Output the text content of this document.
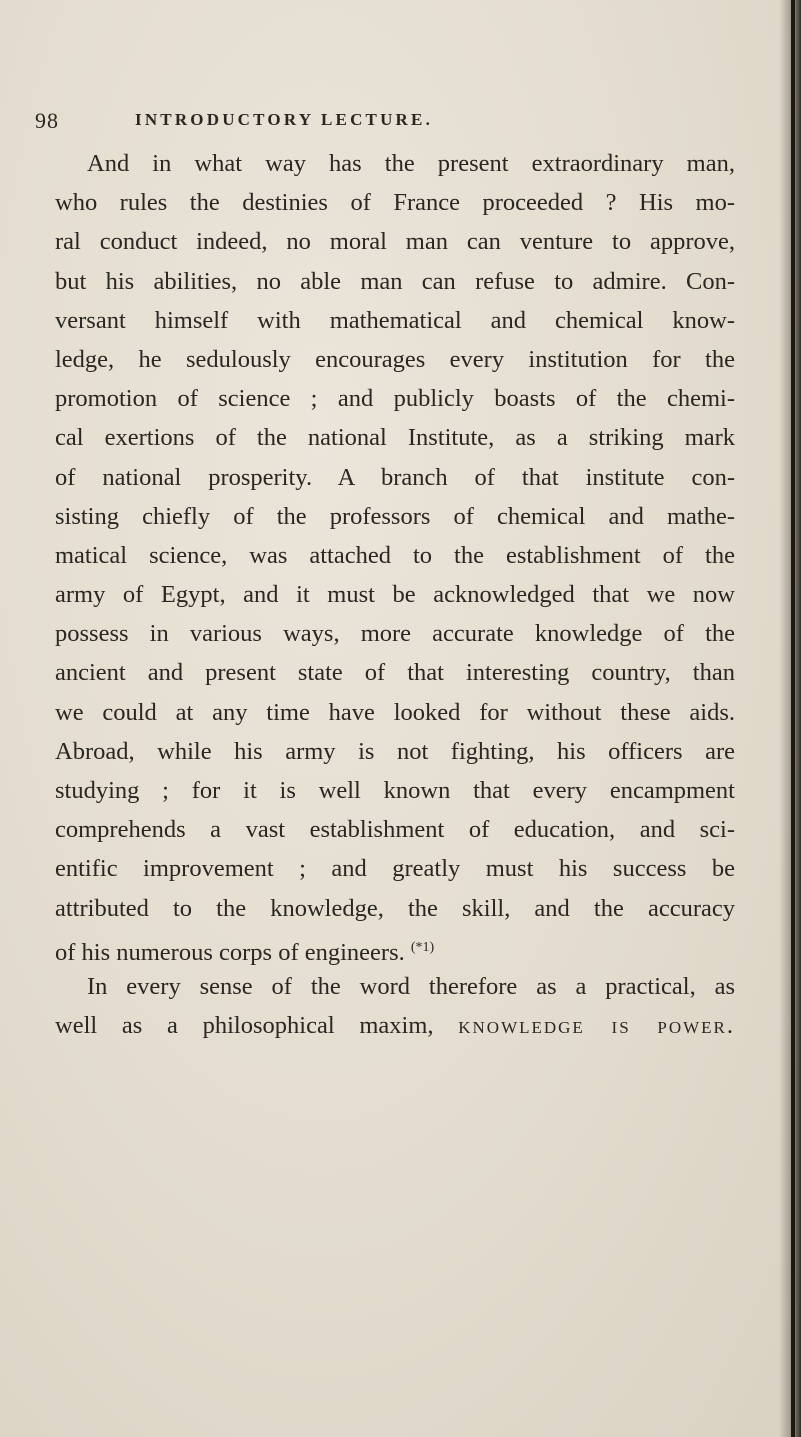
98	INTRODUCTORY LECTURE.
And in what way has the present extraordinary man,
who rules the destinies of France proceeded ? His mo-
ral conduct indeed, no moral man can venture to approve,
but his abilities, no able man can refuse to admire. Con-
versant himself with mathematical and chemical know-
ledge, he sedulously encourages every institution for the
promotion of science ; and publicly boasts of the chemi-
cal exertions of the national Institute, as a striking mark
of national prosperity. A branch of that institute con-
sisting chiefly of the professors of chemical and mathe-
matical science, was attached to the establishment of the
army of Egypt, and it must be acknowledged that we now
possess in various ways, more accurate knowledge of the
ancient and present state of that interesting country, than
we could at any time have looked for without these aids.
Abroad, while his army is not fighting, his officers are
studying ; for it is well known that every encampment
comprehends a vast establishment of education, and sci-
entific improvement ; and greatly must his success be
attributed to the knowledge, the skill, and the accuracy
of his numerous corps of engineers. $^{(*1)}$
In every sense of the word therefore as a practical, as
well as a philosophical maxim, knowledge is power.
